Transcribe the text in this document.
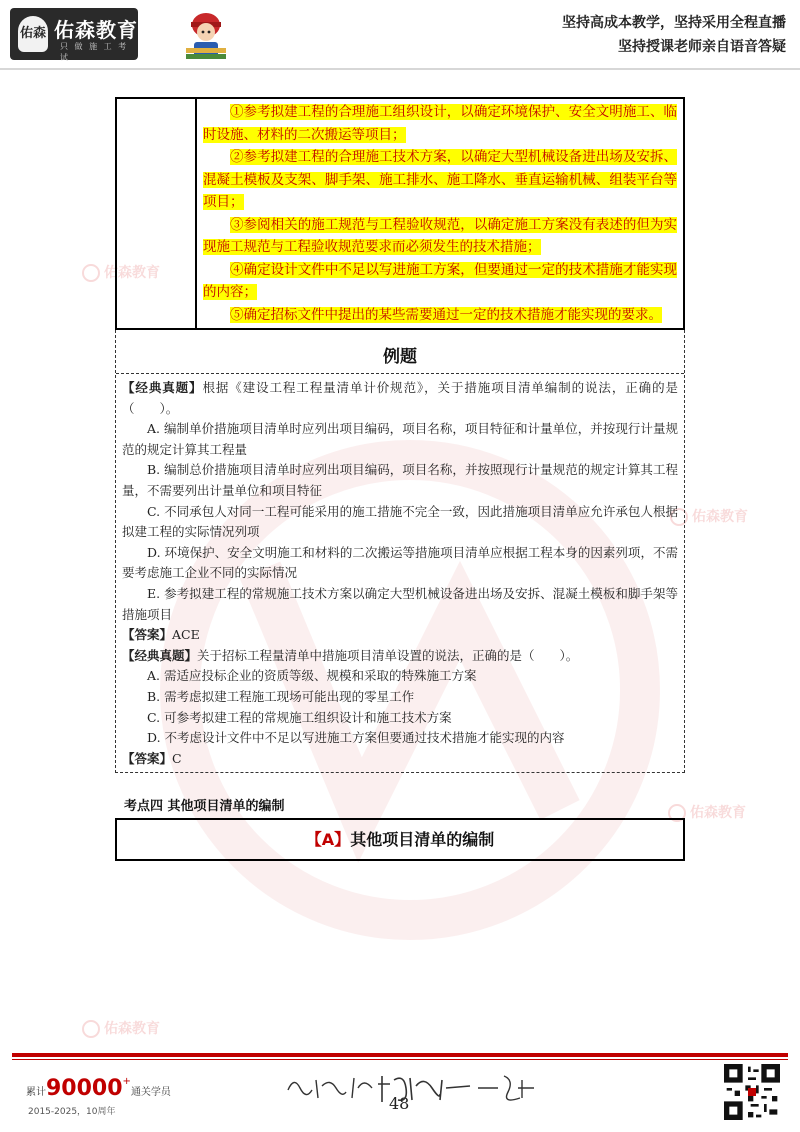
佑森 佑森教育
只 做 施 工 考 试
坚持高成本教学，坚持采用全程直播
坚持授课老师亲自语音答疑
佑森教育
佑森教育
佑森教育
佑森教育

①参考拟建工程的合理施工组织设计，以确定环境保护、安全文明施工、临时设施、材料的二次搬运等项目；

②参考拟建工程的合理施工技术方案，以确定大型机械设备进出场及安拆、混凝土模板及支架、脚手架、施工排水、施工降水、垂直运输机械、组装平台等项目；

③参阅相关的施工规范与工程验收规范，以确定施工方案没有表述的但为实现施工规范与工程验收规范要求而必须发生的技术措施；

④确定设计文件中不足以写进施工方案，但要通过一定的技术措施才能实现的内容；

⑤确定招标文件中提出的某些需要通过一定的技术措施才能实现的要求。

例题

【经典真题】根据《建设工程工程量清单计价规范》，关于措施项目清单编制的说法，正确的是（　　）。

A. 编制单价措施项目清单时应列出项目编码，项目名称，项目特征和计量单位，并按现行计量规范的规定计算其工程量

B. 编制总价措施项目清单时应列出项目编码，项目名称，并按照现行计量规范的规定计算其工程量，不需要列出计量单位和项目特征

C. 不同承包人对同一工程可能采用的施工措施不完全一致，因此措施项目清单应允许承包人根据拟建工程的实际情况列项

D. 环境保护、安全文明施工和材料的二次搬运等措施项目清单应根据工程本身的因素列项，不需要考虑施工企业不同的实际情况

E. 参考拟建工程的常规施工技术方案以确定大型机械设备进出场及安拆、混凝土模板和脚手架等措施项目

【答案】ACE

【经典真题】关于招标工程量清单中措施项目清单设置的说法，正确的是（　　）。

A. 需适应投标企业的资质等级、规模和采取的特殊施工方案

B. 需考虑拟建工程施工现场可能出现的零星工作

C. 可参考拟建工程的常规施工组织设计和施工技术方案

D. 不考虑设计文件中不足以写进施工方案但要通过技术措施才能实现的内容

【答案】C

考点四 其他项目清单的编制
【A】其他项目清单的编制
累计90000+通关学员
2015-2025，10周年	48
